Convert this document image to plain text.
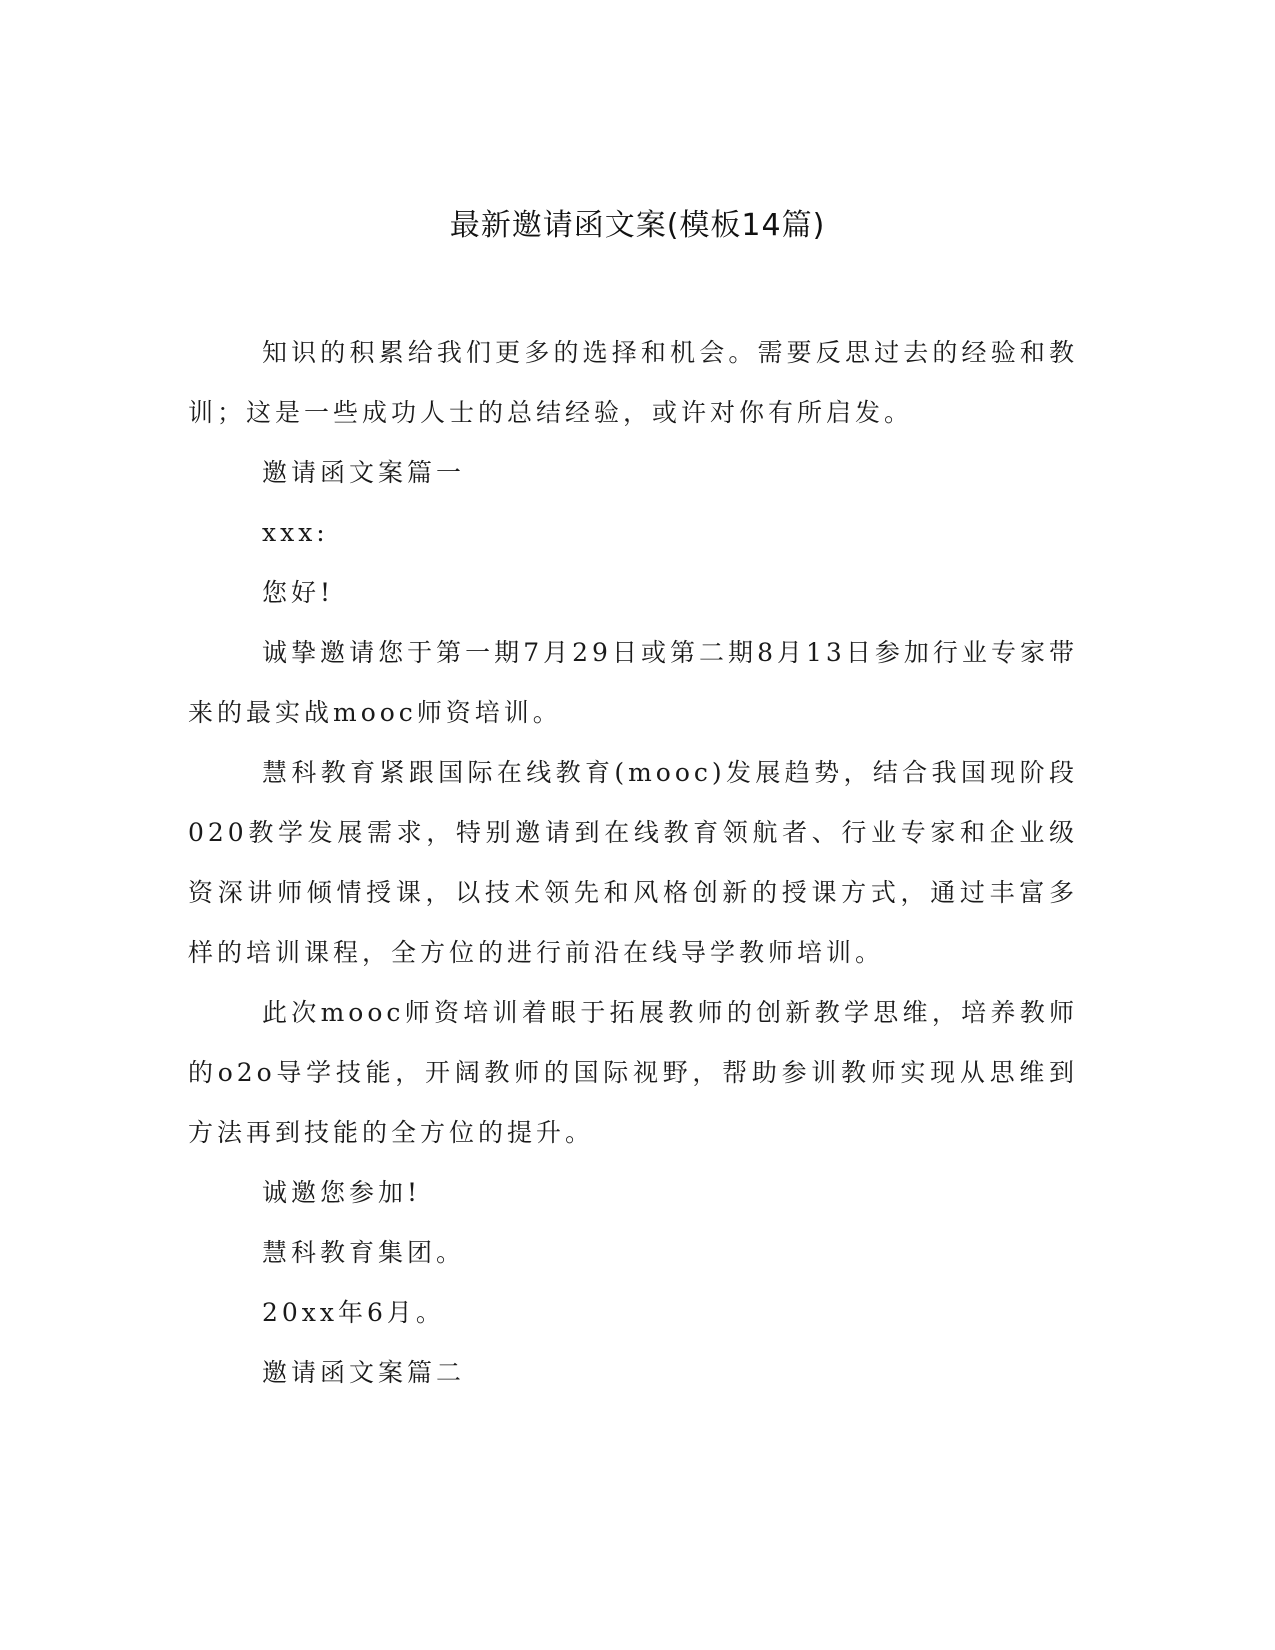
最新邀请函文案(模板14篇)

知识的积累给我们更多的选择和机会。需要反思过去的经验和教训；这是一些成功人士的总结经验，或许对你有所启发。

邀请函文案篇一

xxx:

您好!

诚挚邀请您于第一期7月29日或第二期8月13日参加行业专家带来的最实战mooc师资培训。

慧科教育紧跟国际在线教育(mooc)发展趋势，结合我国现阶段020教学发展需求，特别邀请到在线教育领航者、行业专家和企业级资深讲师倾情授课，以技术领先和风格创新的授课方式，通过丰富多样的培训课程，全方位的进行前沿在线导学教师培训。

此次mooc师资培训着眼于拓展教师的创新教学思维，培养教师的o2o导学技能，开阔教师的国际视野，帮助参训教师实现从思维到方法再到技能的全方位的提升。

诚邀您参加!

慧科教育集团。

20xx年6月。

邀请函文案篇二
